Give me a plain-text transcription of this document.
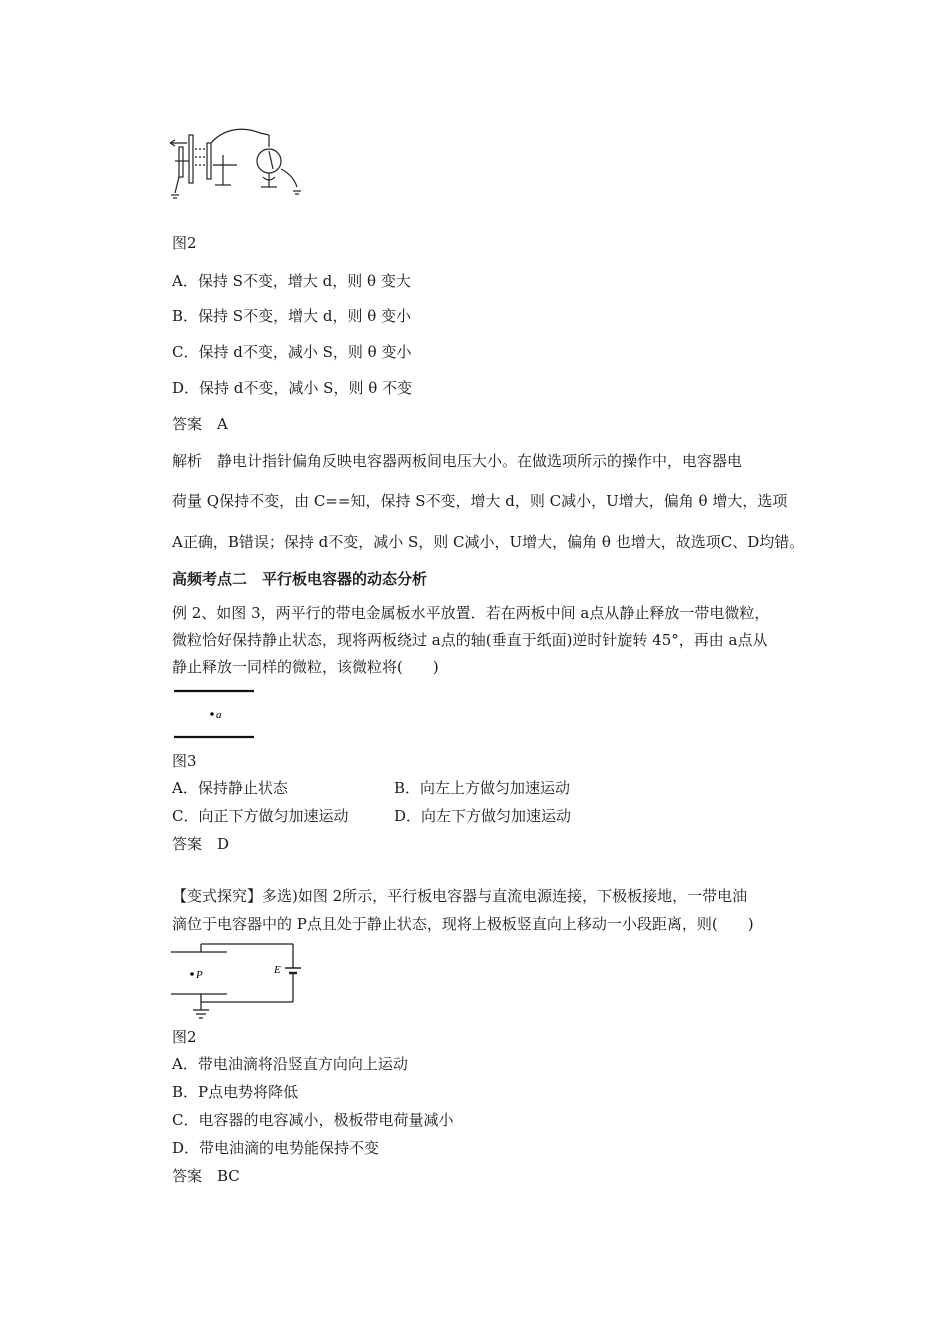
图2
A．保持 S不变，增大 d，则 θ 变大
B．保持 S不变，增大 d，则 θ 变小
C．保持 d不变，减小 S，则 θ 变小
D．保持 d不变，减小 S，则 θ 不变
答案　A
解析　静电计指针偏角反映电容器两板间电压大小。在做选项所示的操作中，电容器电
荷量 Q保持不变，由 C==知，保持 S不变，增大 d，则 C减小，U增大，偏角 θ 增大，选项
A正确，B错误；保持 d不变，减小 S，则 C减小，U增大，偏角 θ 也增大，故选项C、D均错。
高频考点二　平行板电容器的动态分析
例 2、如图 3，两平行的带电金属板水平放置．若在两板中间 a点从静止释放一带电微粒，
微粒恰好保持静止状态，现将两板绕过 a点的轴(垂直于纸面)逆时针旋转 45°，再由 a点从
静止释放一同样的微粒，该微粒将(　　)
a
图3
A．保持静止状态	B．向左上方做匀加速运动
C．向正下方做匀加速运动	D．向左下方做匀加速运动
答案　D
【变式探究】多选)如图 2所示，平行板电容器与直流电源连接，下极板接地，一带电油
滴位于电容器中的 P点且处于静止状态，现将上极板竖直向上移动一小段距离，则(　　)
P	E
图2
A．带电油滴将沿竖直方向向上运动
B．P点电势将降低
C．电容器的电容减小，极板带电荷量减小
D．带电油滴的电势能保持不变
答案　BC
